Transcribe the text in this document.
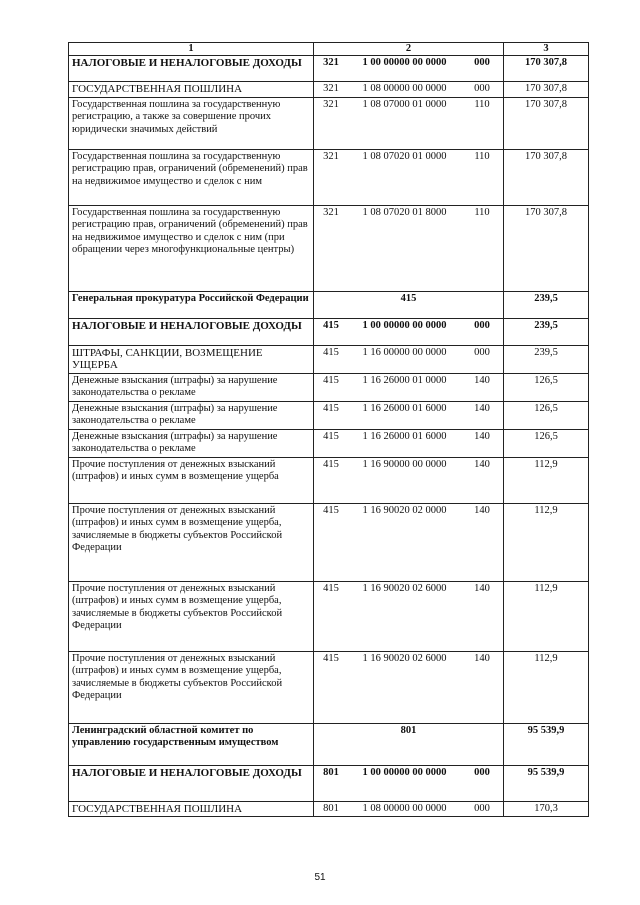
1	2	3
НАЛОГОВЫЕ И НЕНАЛОГОВЫЕ ДОХОДЫ	321 1 00 00000 00 0000 000	170 307,8
ГОСУДАРСТВЕННАЯ ПОШЛИНА	321 1 08 00000 00 0000 000	170 307,8
Государственная пошлина за государственную регистрацию, а также за совершение прочих юридически значимых действий	321 1 08 07000 01 0000 110	170 307,8
Государственная пошлина за государственную регистрацию прав, ограничений (обременений) прав на недвижимое имущество и сделок с ним	321 1 08 07020 01 0000 110	170 307,8
Государственная пошлина за государственную регистрацию прав, ограничений (обременений) прав на недвижимое имущество и сделок с ним (при обращении через многофункциональные центры)	321 1 08 07020 01 8000 110	170 307,8
Генеральная прокуратура Российской Федерации	415	239,5
НАЛОГОВЫЕ И НЕНАЛОГОВЫЕ ДОХОДЫ	415 1 00 00000 00 0000 000	239,5
ШТРАФЫ, САНКЦИИ, ВОЗМЕЩЕНИЕ УЩЕРБА	415 1 16 00000 00 0000 000	239,5
Денежные взыскания (штрафы) за нарушение законодательства о рекламе	415 1 16 26000 01 0000 140	126,5
Денежные взыскания (штрафы) за нарушение законодательства о рекламе	415 1 16 26000 01 6000 140	126,5
Денежные взыскания (штрафы) за нарушение законодательства о рекламе	415 1 16 26000 01 6000 140	126,5
Прочие поступления от денежных взысканий (штрафов) и иных сумм в возмещение ущерба	415 1 16 90000 00 0000 140	112,9
Прочие поступления от денежных взысканий (штрафов) и иных сумм в возмещение ущерба, зачисляемые в бюджеты субъектов Российской Федерации	415 1 16 90020 02 0000 140	112,9
Прочие поступления от денежных взысканий (штрафов) и иных сумм в возмещение ущерба, зачисляемые в бюджеты субъектов Российской Федерации	415 1 16 90020 02 6000 140	112,9
Прочие поступления от денежных взысканий (штрафов) и иных сумм в возмещение ущерба, зачисляемые в бюджеты субъектов Российской Федерации	415 1 16 90020 02 6000 140	112,9
Ленинградский областной комитет по управлению государственным имуществом	801	95 539,9
НАЛОГОВЫЕ И НЕНАЛОГОВЫЕ ДОХОДЫ	801 1 00 00000 00 0000 000	95 539,9
ГОСУДАРСТВЕННАЯ ПОШЛИНА	801 1 08 00000 00 0000 000	170,3
51
